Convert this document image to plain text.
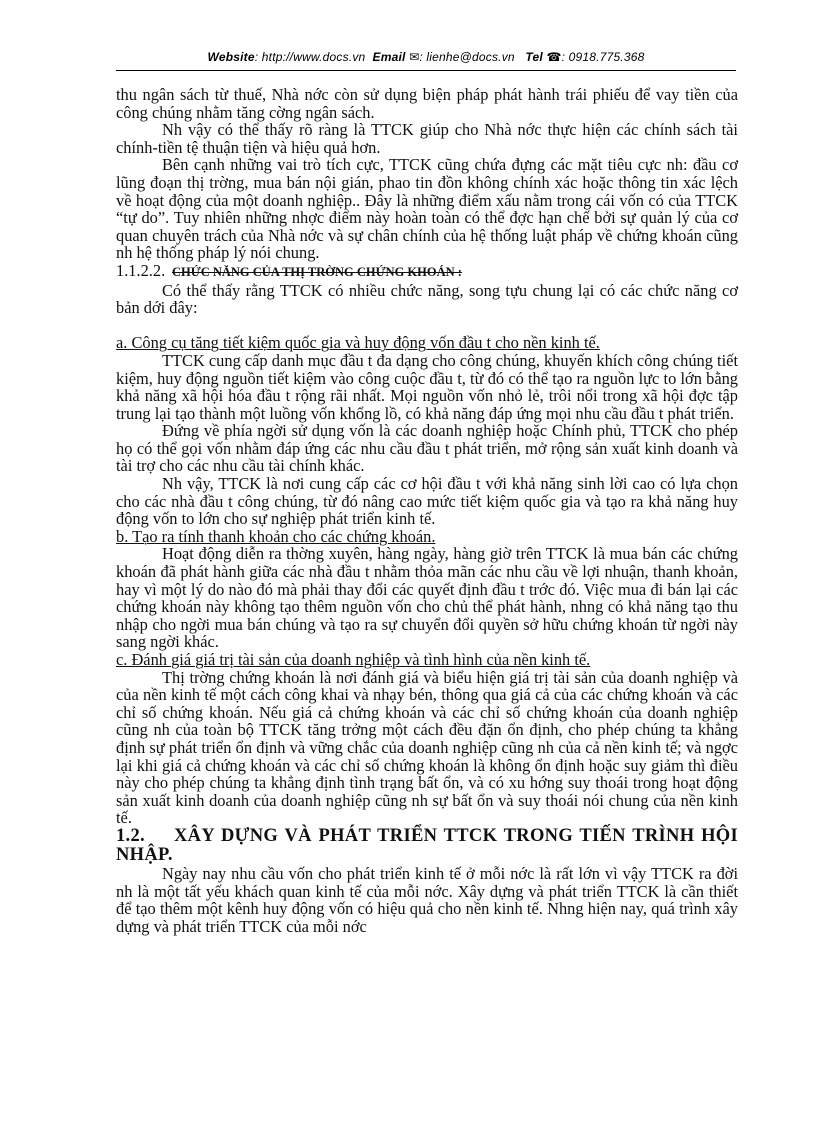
Website: http://www.docs.vn Email ✉: lienhe@docs.vn Tel ☎: 0918.775.368

thu ngân sách từ thuế, Nhà nớc còn sử dụng biện pháp phát hành trái phiếu để vay tiền của công chúng nhằm tăng cờng ngân sách.

Nh vậy có thể thấy rõ ràng là TTCK giúp cho Nhà nớc thực hiện các chính sách tài chính-tiền tệ thuận tiện và hiệu quả hơn.

Bên cạnh những vai trò tích cực, TTCK cũng chứa đựng các mặt tiêu cực nh: đầu cơ lũng đoạn thị trờng, mua bán nội gián, phao tin đồn không chính xác hoặc thông tin xác lệch về hoạt động của một doanh nghiệp.. Đây là những điểm xấu nằm trong cái vốn có của TTCK “tự do”. Tuy nhiên những nhợc điểm này hoàn toàn có thể đợc hạn chế bởi sự quản lý của cơ quan chuyên trách của Nhà nớc và sự chân chính của hệ thống luật pháp về chứng khoán cũng nh hệ thống pháp lý nói chung.

1.1.2.2. CHỨC NĂNG CỦA THỊ TRỜNG CHỨNG KHOÁN :

Có thể thấy rằng TTCK có nhiều chức năng, song tựu chung lại có các chức năng cơ bản dới đây:

a. Công cụ tăng tiết kiệm quốc gia và huy động vốn đầu t cho nền kinh tế.

TTCK cung cấp danh mục đầu t đa dạng cho công chúng, khuyến khích công chúng tiết kiệm, huy động nguồn tiết kiệm vào công cuộc đầu t, từ đó có thể tạo ra nguồn lực to lớn bằng khả năng xã hội hóa đầu t rộng rãi nhất. Mọi nguồn vốn nhỏ lẻ, trôi nổi trong xã hội đợc tập trung lại tạo thành một luồng vốn khổng lồ, có khả năng đáp ứng mọi nhu cầu đầu t phát triển.

Đứng về phía ngời sử dụng vốn là các doanh nghiệp hoặc Chính phủ, TTCK cho phép họ có thể gọi vốn nhằm đáp ứng các nhu cầu đầu t phát triển, mở rộng sản xuất kinh doanh và tài trợ cho các nhu cầu tài chính khác.

Nh vậy, TTCK là nơi cung cấp các cơ hội đầu t với khả năng sinh lời cao có lựa chọn cho các nhà đầu t công chúng, từ đó nâng cao mức tiết kiệm quốc gia và tạo ra khả năng huy động vốn to lớn cho sự nghiệp phát triển kinh tế.

b. Tạo ra tính thanh khoản cho các chứng khoán.

Hoạt động diễn ra thờng xuyên, hàng ngày, hàng giờ trên TTCK là mua bán các chứng khoán đã phát hành giữa các nhà đầu t nhằm thỏa mãn các nhu cầu về lợi nhuận, thanh khoản, hay vì một lý do nào đó mà phải thay đổi các quyết định đầu t trớc đó. Việc mua đi bán lại các chứng khoán này không tạo thêm nguồn vốn cho chủ thể phát hành, nhng có khả năng tạo thu nhập cho ngời mua bán chúng và tạo ra sự chuyển đổi quyền sở hữu chứng khoán từ ngời này sang ngời khác.

c. Đánh giá giá trị tài sản của doanh nghiệp và tình hình của nền kinh tế.

Thị trờng chứng khoán là nơi đánh giá và biểu hiện giá trị tài sản của doanh nghiệp và của nền kinh tế một cách công khai và nhạy bén, thông qua giá cả của các chứng khoán và các chỉ số chứng khoán. Nếu giá cả chứng khoán và các chỉ số chứng khoán của doanh nghiệp cũng nh của toàn bộ TTCK tăng trởng một cách đều đặn ổn định, cho phép chúng ta khẳng định sự phát triển ổn định và vững chắc của doanh nghiệp cũng nh của cả nền kinh tế; và ngợc lại khi giá cả chứng khoán và các chỉ số chứng khoán là không ổn định hoặc suy giảm thì điều này cho phép chúng ta khẳng định tình trạng bất ổn, và có xu hớng suy thoái trong hoạt động sản xuất kinh doanh của doanh nghiệp cũng nh sự bất ổn và suy thoái nói chung của nền kinh tế.

1.2. XÂY DỰNG VÀ PHÁT TRIỂN TTCK TRONG TIẾN TRÌNH HỘI NHẬP.

Ngày nay nhu cầu vốn cho phát triển kinh tế ở mỗi nớc là rất lớn vì vậy TTCK ra đời nh là một tất yếu khách quan kinh tế của mỗi nớc. Xây dựng và phát triển TTCK là cần thiết để tạo thêm một kênh huy động vốn có hiệu quả cho nền kinh tế. Nhng hiện nay, quá trình xây dựng và phát triển TTCK của mỗi nớc
